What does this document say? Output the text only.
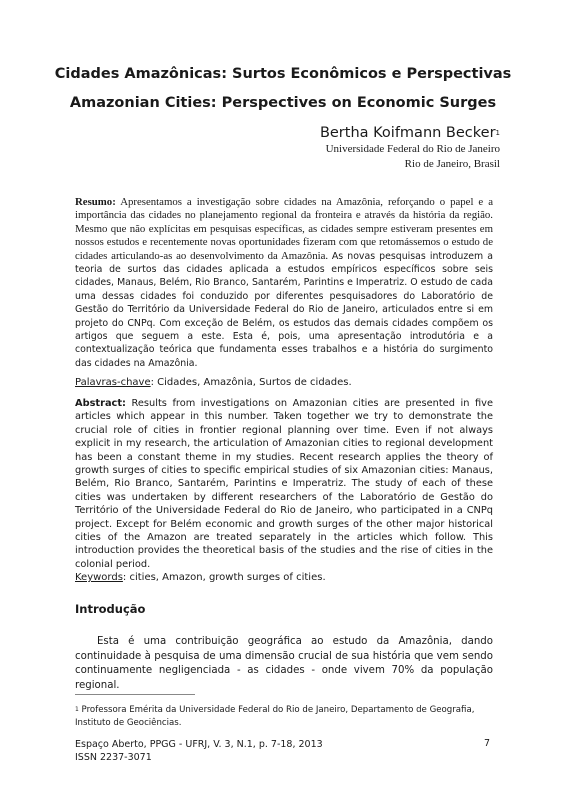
Cidades Amazônicas: Surtos Econômicos e Perspectivas
Amazonian Cities: Perspectives on Economic Surges
Bertha Koifmann Becker$^1$
Universidade Federal do Rio de Janeiro
Rio de Janeiro, Brasil

Resumo: Apresentamos a investigação sobre cidades na Amazônia, reforçando o papel e a importância das cidades no planejamento regional da fronteira e através da história da região. Mesmo que não explícitas em pesquisas específicas, as cidades sempre estiveram presentes em nossos estudos e recentemente novas oportunidades fizeram com que retomássemos o estudo de cidades articulando-as ao desenvolvimento da Amazônia. As novas pesquisas introduzem a teoria de surtos das cidades aplicada a estudos empíricos específicos sobre seis cidades, Manaus, Belém, Rio Branco, Santarém, Parintins e Imperatriz. O estudo de cada uma dessas cidades foi conduzido por diferentes pesquisadores do Laboratório de Gestão do Território da Universidade Federal do Rio de Janeiro, articulados entre si em projeto do CNPq. Com exceção de Belém, os estudos das demais cidades compõem os artigos que seguem a este. Esta é, pois, uma apresentação introdutória e a contextualização teórica que fundamenta esses trabalhos e a história do surgimento das cidades na Amazônia.

Palavras-chave: Cidades, Amazônia, Surtos de cidades.

Abstract: Results from investigations on Amazonian cities are presented in five articles which appear in this number. Taken together we try to demonstrate the crucial role of cities in frontier regional planning over time. Even if not always explicit in my research, the articulation of Amazonian cities to regional development has been a constant theme in my studies. Recent research applies the theory of growth surges of cities to specific empirical studies of six Amazonian cities: Manaus, Belém, Rio Branco, Santarém, Parintins e Imperatriz. The study of each of these cities was undertaken by different researchers of the Laboratório de Gestão do Território of the Universidade Federal do Rio de Janeiro, who participated in a CNPq project. Except for Belém economic and growth surges of the other major historical cities of the Amazon are treated separately in the articles which follow. This introduction provides the theoretical basis of the studies and the rise of cities in the colonial period.

Keywords: cities, Amazon, growth surges of cities.
Introdução

Esta é uma contribuição geográfica ao estudo da Amazônia, dando continuidade à pesquisa de uma dimensão crucial de sua história que vem sendo continuamente negligenciada - as cidades - onde vivem 70% da população regional.

$^1$ Professora Emérita da Universidade Federal do Rio de Janeiro, Departamento de Geografia, Instituto de Geociências.
Espaço Aberto, PPGG - UFRJ, V. 3, N.1, p. 7-18, 2013
ISSN 2237-3071
7
